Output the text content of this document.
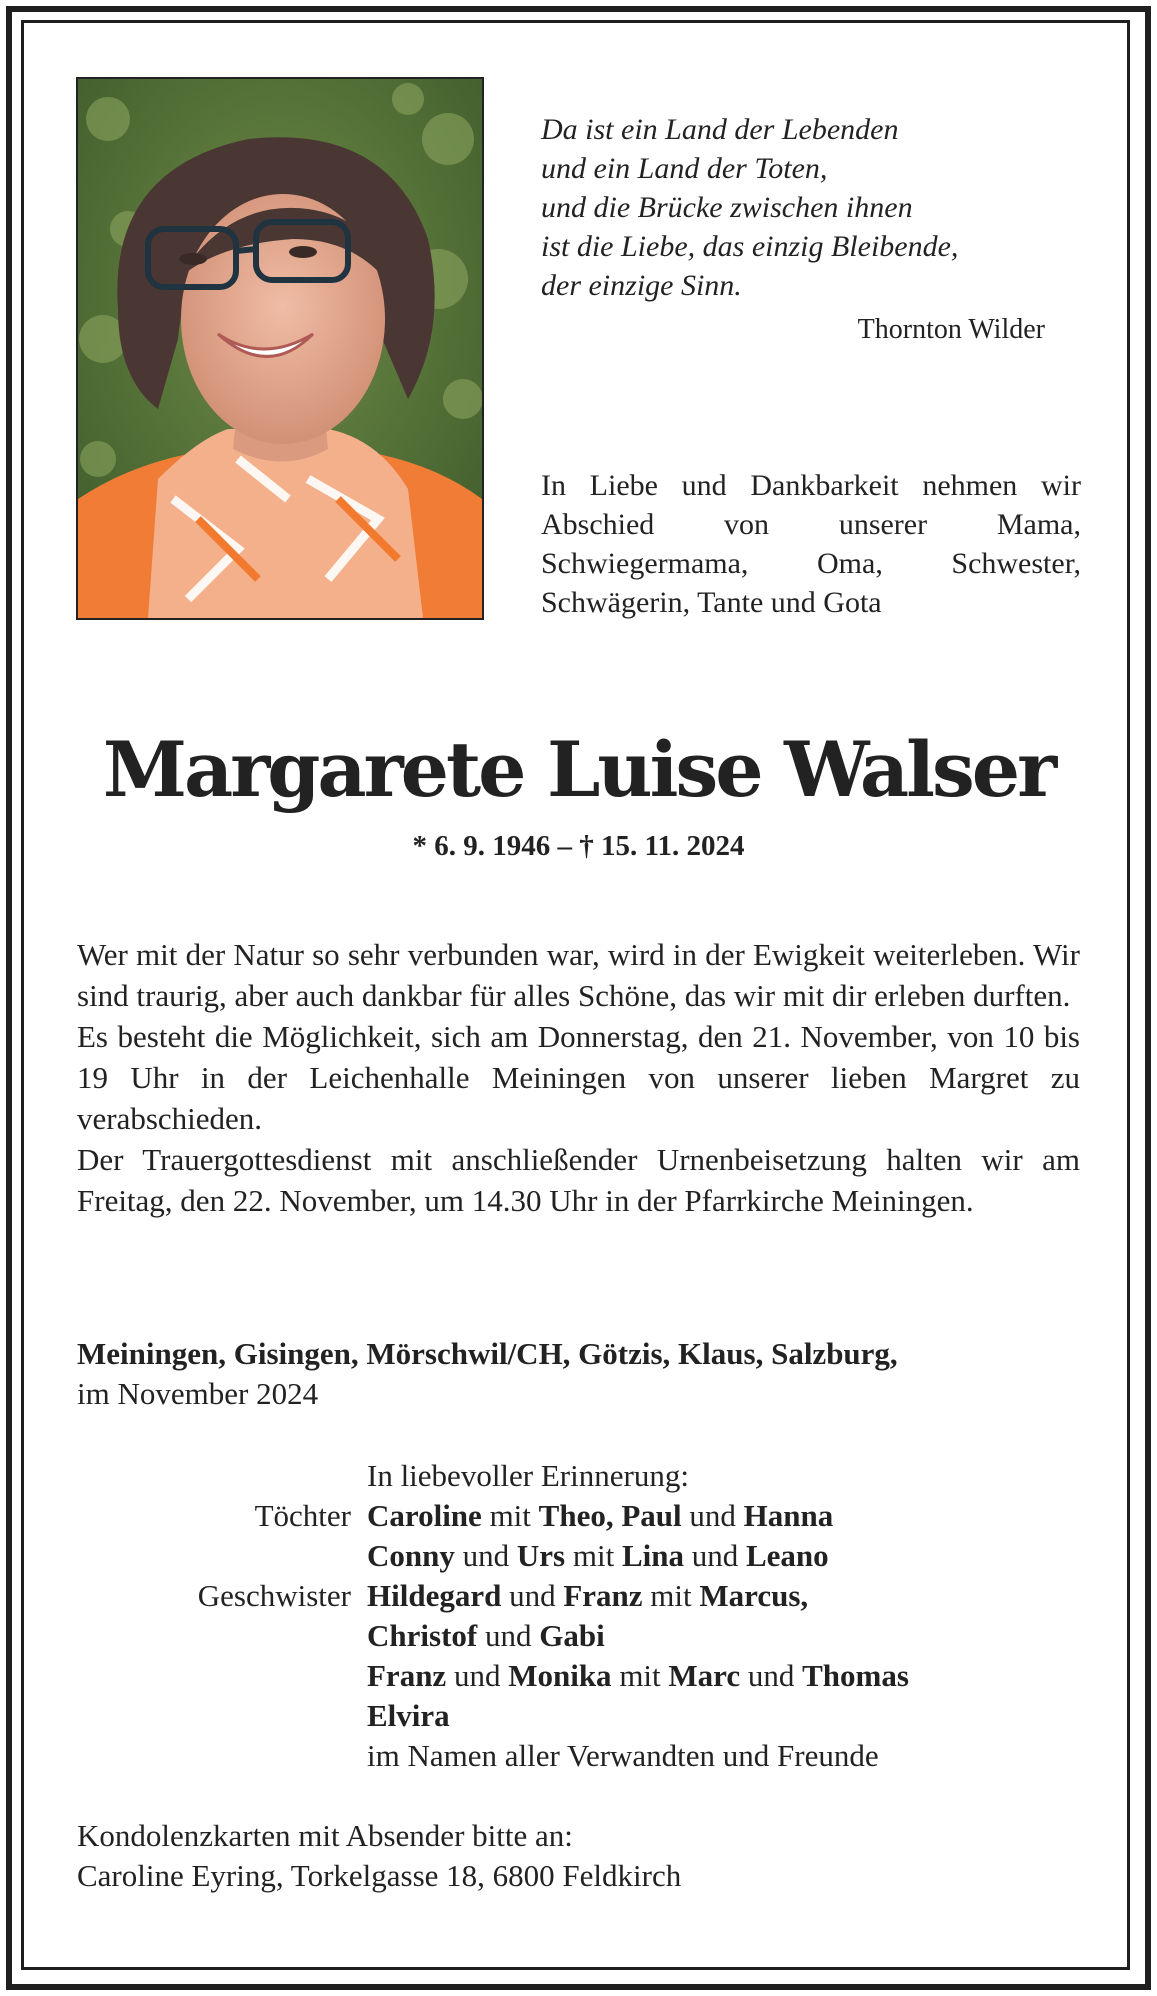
Da ist ein Land der Lebenden
und ein Land der Toten,
und die Brücke zwischen ihnen
ist die Liebe, das einzig Bleibende,
der einzige Sinn.
Thornton Wilder
In Liebe und Dankbarkeit nehmen wir Abschied von unserer Mama, Schwiegermama, Oma, Schwester, Schwägerin, Tante und Gota
Margarete Luise Walser
* 6. 9. 1946 – † 15. 11. 2024

Wer mit der Natur so sehr verbunden war, wird in der Ewigkeit weiterleben. Wir sind traurig, aber auch dankbar für alles Schöne, das wir mit dir erleben durften.

Es besteht die Möglichkeit, sich am Donnerstag, den 21. November, von 10 bis 19 Uhr in der Leichenhalle Meiningen von unserer lieben Margret zu verabschieden.

Der Trauergottesdienst mit anschließender Urnenbeisetzung halten wir am Freitag, den 22. November, um 14.30 Uhr in der Pfarrkirche Meiningen.

Meiningen, Gisingen, Mörschwil/CH, Götzis, Klaus, Salzburg,
im November 2024
In liebevoller Erinnerung:
Töchter Caroline mit Theo, Paul und Hanna
Conny und Urs mit Lina und Leano
Geschwister Hildegard und Franz mit Marcus,
Christof und Gabi
Franz und Monika mit Marc und Thomas
Elvira
im Namen aller Verwandten und Freunde
Kondolenzkarten mit Absender bitte an:
Caroline Eyring, Torkelgasse 18, 6800 Feldkirch
